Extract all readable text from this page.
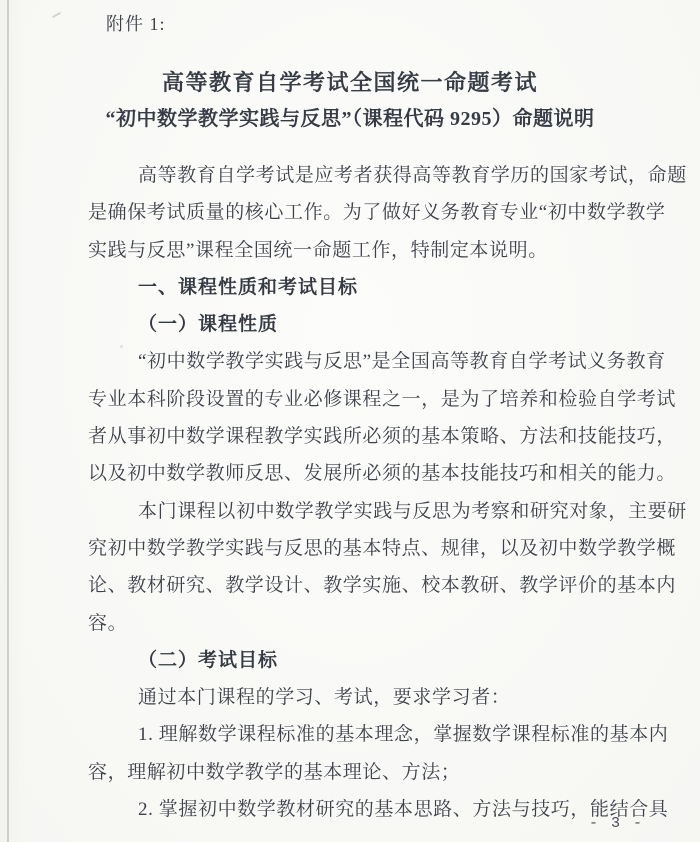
附件 1:
高等教育自学考试全国统一命题考试
“初中数学教学实践与反思”（课程代码 9295）命题说明
高等教育自学考试是应考者获得高等教育学历的国家考试，命题
是确保考试质量的核心工作。为了做好义务教育专业“初中数学教学
实践与反思”课程全国统一命题工作，特制定本说明。
一、课程性质和考试目标
（一）课程性质
“初中数学教学实践与反思”是全国高等教育自学考试义务教育
专业本科阶段设置的专业必修课程之一，是为了培养和检验自学考试
者从事初中数学课程教学实践所必须的基本策略、方法和技能技巧，
以及初中数学教师反思、发展所必须的基本技能技巧和相关的能力。
本门课程以初中数学教学实践与反思为考察和研究对象，主要研
究初中数学教学实践与反思的基本特点、规律，以及初中数学教学概
论、教材研究、教学设计、教学实施、校本教研、教学评价的基本内
容。
（二）考试目标
通过本门课程的学习、考试，要求学习者：
1. 理解数学课程标准的基本理念，掌握数学课程标准的基本内
容，理解初中数学教学的基本理论、方法；
2. 掌握初中数学教材研究的基本思路、方法与技巧，能结合具
- 3 -
